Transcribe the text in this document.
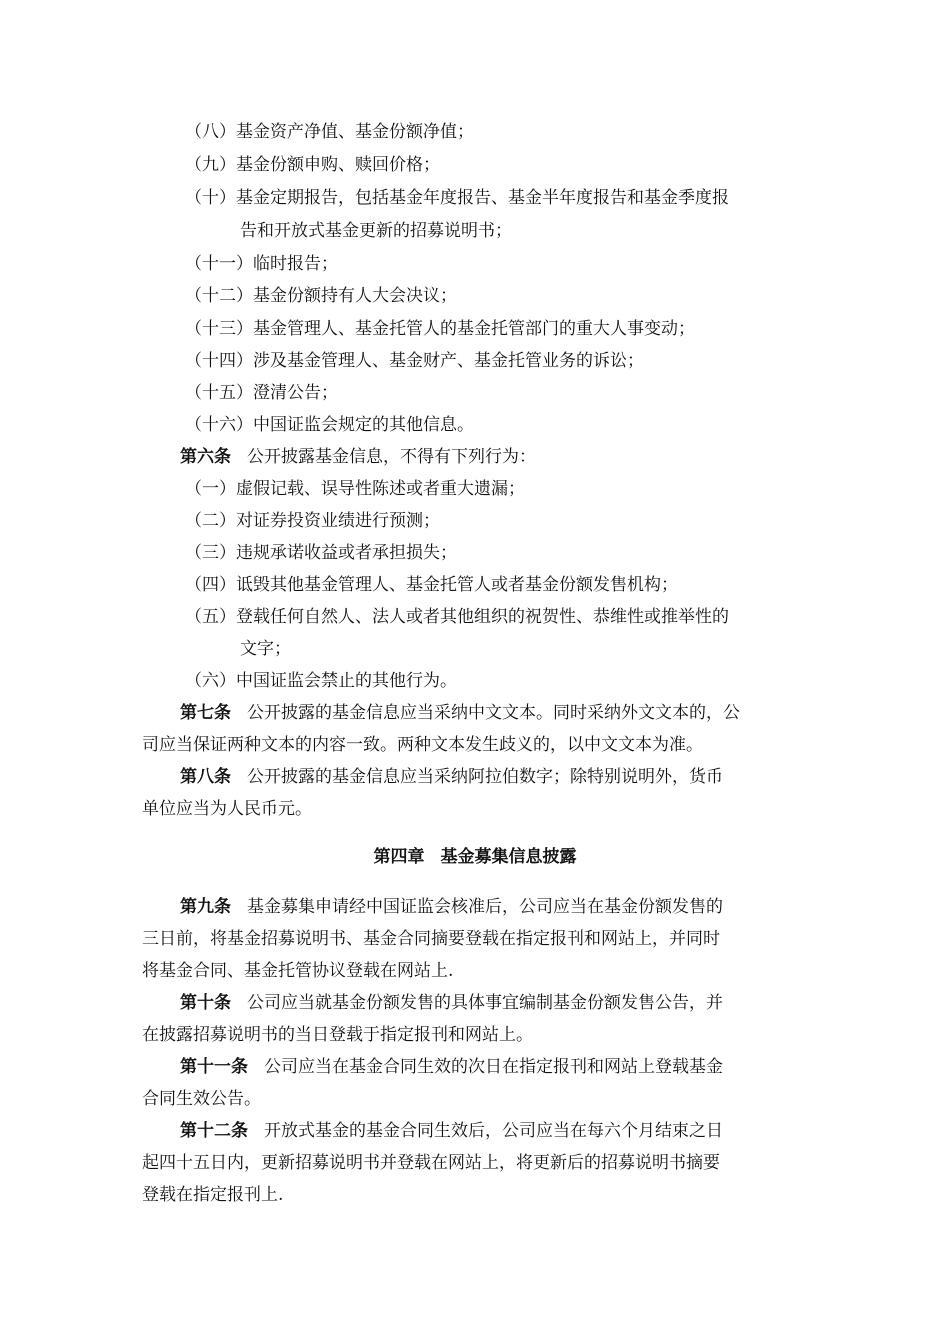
（八）基金资产净值、基金份额净值；
（九）基金份额申购、赎回价格；
（十）基金定期报告，包括基金年度报告、基金半年度报告和基金季度报
告和开放式基金更新的招募说明书；
（十一）临时报告；
（十二）基金份额持有人大会决议；
（十三）基金管理人、基金托管人的基金托管部门的重大人事变动；
（十四）涉及基金管理人、基金财产、基金托管业务的诉讼；
（十五）澄清公告；
（十六）中国证监会规定的其他信息。
第六条 公开披露基金信息，不得有下列行为：
（一）虚假记载、误导性陈述或者重大遗漏；
（二）对证券投资业绩进行预测；
（三）违规承诺收益或者承担损失；
（四）诋毁其他基金管理人、基金托管人或者基金份额发售机构；
（五）登载任何自然人、法人或者其他组织的祝贺性、恭维性或推举性的
文字；
（六）中国证监会禁止的其他行为。
第七条 公开披露的基金信息应当采纳中文文本。同时采纳外文文本的，公
司应当保证两种文本的内容一致。两种文本发生歧义的，以中文文本为准。
第八条 公开披露的基金信息应当采纳阿拉伯数字；除特别说明外，货币
单位应当为人民币元。
第四章 基金募集信息披露
第九条 基金募集申请经中国证监会核准后，公司应当在基金份额发售的
三日前，将基金招募说明书、基金合同摘要登载在指定报刊和网站上，并同时
将基金合同、基金托管协议登载在网站上.
第十条 公司应当就基金份额发售的具体事宜编制基金份额发售公告，并
在披露招募说明书的当日登载于指定报刊和网站上。
第十一条 公司应当在基金合同生效的次日在指定报刊和网站上登载基金
合同生效公告。
第十二条 开放式基金的基金合同生效后，公司应当在每六个月结束之日
起四十五日内，更新招募说明书并登载在网站上，将更新后的招募说明书摘要
登载在指定报刊上.
